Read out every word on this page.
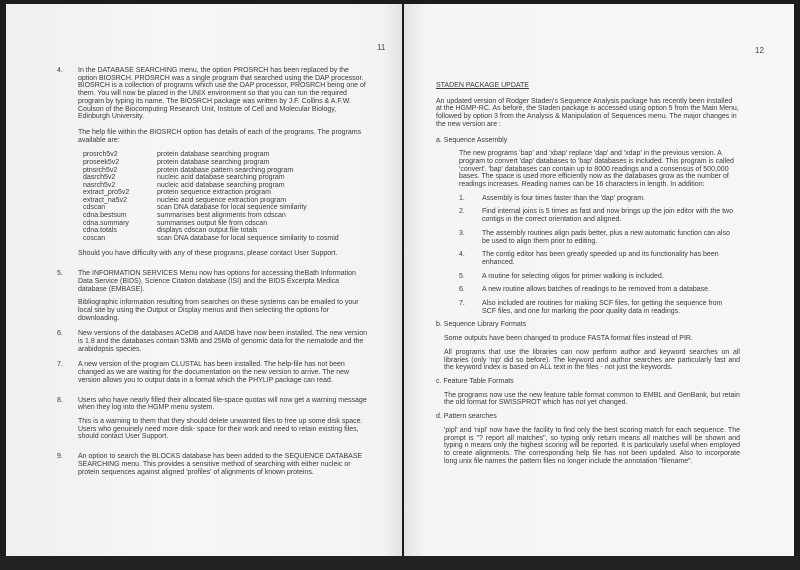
11
4.	In the DATABASE SEARCHING menu, the option PROSRCH has been replaced by the option BIOSRCH. PROSRCH was a single program that searched using the DAP processor. BIOSRCH is a collection of programs which use the DAP processor, PROSRCH being one of them. You will now be placed in the UNIX environment so that you can run the required program by typing its name. The BIOSRCH package was written by J.F. Collins & A.F.W. Coulson of the Biocomputing Research Unit, Institute of Cell and Molecular Biology, Edinburgh University.

The help file within the BIOSRCH option has details of each of the programs. The programs available are:

prosrch5v2	protein database searching program
proseek5v2	protein database searching program
ptnsrch5v2	protein database pattern searching program
dasrch5v2	nucleic acid database searching program
nasrch5v2	nucleic acid database searching program
extract_pro5v2	protein sequence extraction program
extract_na5v2	nucleic acid sequence extraction program
cdscan	scan DNA database for local sequence similarity
cdna.bestsum	summarises best alignments from cdscan
cdna.summary	summarises output file from cdscan
cdna.totals	displays cdscan output file totals
coscan	scan DNA database for local sequence similarity to cosmid

Should you have difficulty with any of these programs, please contact User Support.

5.	The INFORMATION SERVICES Menu now has options for accessing theBath Information Data Service (BIDS), Science Citation database (ISI) and the BIDS Excerpta Medica database (EMBASE).

Bibliographic information resulting from searches on these systems can be emailed to your local site by using the Output or Display menus and then selecting the options for downloading.

6.	New versions of the databases ACeDB and AAtDB have now been installed. The new version is 1.8 and the databases contain 53Mb and 25Mb of genomic data for the nematode and the arabidopsis species.

7.	A new version of the program CLUSTAL has been installed. The help-file has not been changed as we are waiting for the documentation on the new version to arrive. The new version allows you to output data in a format which the PHYLIP package can read.

8.	Users who have nearly filled their allocated file-space quotas will now get a warning message when they log into the HGMP menu system.

This is a warning to them that they should delete unwanted files to free up some disk space. Users who genuinely need more disk- space for their work and need to retain existing files, should contact User Support.

9.	An option to search the BLOCKS database has been added to the SEQUENCE DATABASE SEARCHING menu. This provides a sensitive method of searching with either nucleic or protein sequences against aligned 'profiles' of alignments of known proteins.

12

STADEN PACKAGE UPDATE

An updated version of Rodger Staden's Sequence Analysis package has recently been installed at the HGMP-RC. As before, the Staden package is accessed using option 5 from the Main Menu, followed by option 3 from the Analysis & Manipulation of Sequences menu. The major changes in the new version are :

a. Sequence Assembly

The new programs 'bap' and 'xbap' replace 'dap' and 'xdap' in the previous version. A program to convert 'dap' databases to 'bap' databases is included. This program is called 'convert'. 'bap' databases can contain up to 8000 readings and a consensus of 500,000 bases. The space is used more efficiently now as the databases grow as the number of readings increases. Reading names can be 16 characters in length. In addition:

1.	Assembly is four times faster than the 'dap' program.
2.	Find internal joins is 5 times as fast and now brings up the join editor with the two contigs in the correct orientation and aligned.
3.	The assembly routines align pads better, plus a new automatic function can also be used to align them prior to editing.
4.	The contig editor has been greatly speeded up and its functionality has been enhanced.
5.	A routine for selecting oligos for primer walking is included.
6.	A new routine allows batches of readings to be removed from a database.
7.	Also included are routines for making SCF files, for getting the sequence from SCF files, and one for marking the poor quality data in readings.

b. Sequence Library Formats

Some outputs have been changed to produce FASTA format files instead of PIR.

All programs that use the libraries can now perform author and keyword searches on all libraries (only 'nip' did so before). The keyword and author searches are particularly fast and the keyword index is based on ALL text in the files - not just the keywords.

c. Feature Table Formats

The programs now use the new feature table format common to EMBL and GenBank, but retain the old format for SWISSPROT which has not yet changed.

d. Pattern searches

'pipl' and 'nipl' now have the facility to find only the best scoring match for each sequence. The prompt is "? report all matches", so typing only return means all matches will be shown and typing n means only the highest scoring will be reported. It is particularly useful when employed to create alignments. The corresponding help file has not been updated. Also to incorporate long unix file names the pattern files no longer include the annotation "filename".
